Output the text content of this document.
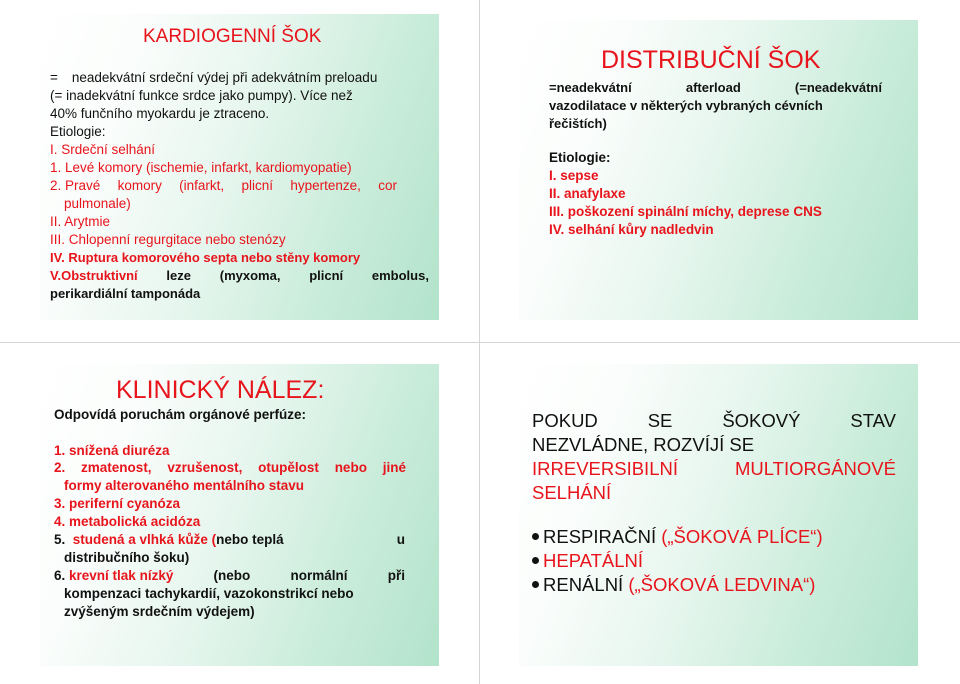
KARDIOGENNÍ ŠOK
= neadekvátní srdeční výdej při adekvátním preloadu
(= inadekvátní funkce srdce jako pumpy). Více než
40% funčního myokardu je ztraceno.
Etiologie:
I. Srdeční selhání
1. Levé komory (ischemie, infarkt, kardiomyopatie)
2. Pravé komory (infarkt, plicní hypertenze, cor
pulmonale)
II. Arytmie
III. Chlopenní regurgitace nebo stenózy
IV. Ruptura komorového septa nebo stěny komory
V.Obstruktivní leze (myxoma, plicní embolus,
perikardiální tamponáda
DISTRIBUČNÍ ŠOK
=neadekvátní	afterload	(=neadekvátní
vazodilatace v některých vybraných cévních
řečištích)
Etiologie:
I. sepse
II. anafylaxe
III. poškození spinální míchy, deprese CNS
IV. selhání kůry nadledvin
KLINICKÝ NÁLEZ:
Odpovídá poruchám orgánové perfúze:
1. snížená diuréza
2. zmatenost, vzrušenost, otupělost nebo jiné
formy alterovaného mentálního stavu
3. periferní cyanóza
4. metabolická acidóza
5. studená a vlhká kůže (nebo teplá	u
distribučního šoku)
6. krevní tlak nízký	(nebo	normální	při
kompenzaci tachykardií, vazokonstrikcí nebo
zvýšeným srdečním výdejem)
POKUD	SE	ŠOKOVÝ	STAV
NEZVLÁDNE, ROZVÍJÍ SE
IRREVERSIBILNÍ	MULTIORGÁNOVÉ
SELHÁNÍ
RESPIRAČNÍ („ŠOKOVÁ PLÍCE“)
HEPATÁLNÍ
RENÁLNÍ („ŠOKOVÁ LEDVINA“)
